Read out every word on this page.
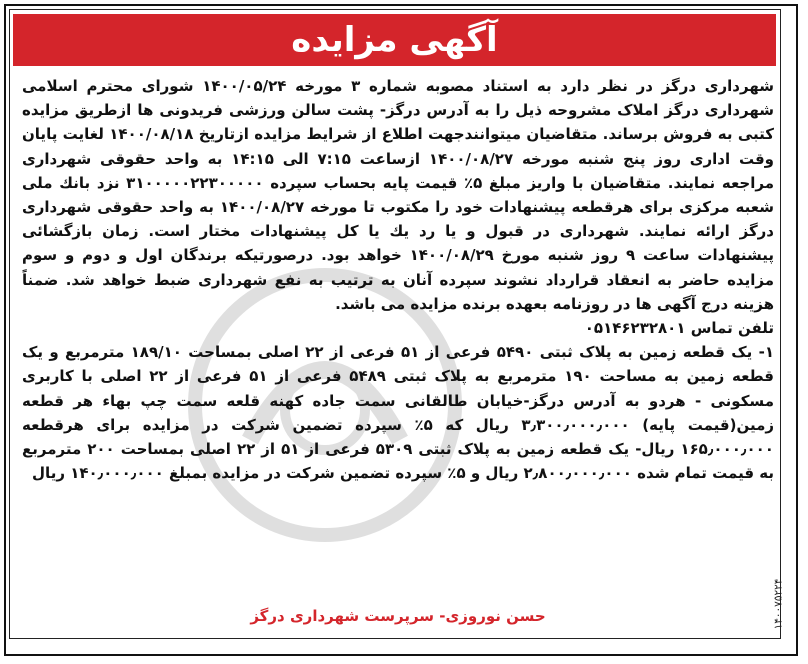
آگهی مزایده

شهرداری درگز در نظر دارد به استناد مصوبه شماره ۳ مورخه ۱۴۰۰/۰۵/۲۴ شورای محترم اسلامی شهرداری درگز املاک مشروحه ذیل را به آدرس درگز- پشت سالن ورزشی فریدونی ها ازطریق مزایده کتبی به فروش برساند. متقاضیان میتوانندجهت اطلاع از شرایط مزایده ازتاریخ ۱۴۰۰/۰۸/۱۸ لغایت پایان وقت اداری روز پنج شنبه مورخه ۱۴۰۰/۰۸/۲۷ ازساعت ۷:۱۵ الی ۱۴:۱۵ به واحد حقوقی شهرداری مراجعه نمایند. متقاضیان با واریز مبلغ ۵٪ قیمت پایه بحساب سپرده ۳۱۰۰۰۰۰۲۲۳۰۰۰۰۰ نزد بانك ملی شعبه مرکزی برای هرقطعه پیشنهادات خود را مکتوب تا مورخه ۱۴۰۰/۰۸/۲۷ به واحد حقوقی شهرداری درگز ارائه نمایند. شهرداری در قبول و یا رد یك یا کل پیشنهادات مختار است. زمان بازگشائی پیشنهادات ساعت ۹ روز شنبه مورخ ۱۴۰۰/۰۸/۲۹ خواهد بود. درصورتیکه برندگان اول و دوم و سوم مزایده حاضر به انعقاد قرارداد نشوند سپرده آنان به ترتیب به نفع شهرداری ضبط خواهد شد. ضمناً هزینه درج آگهی ها در روزنامه بعهده برنده مزایده می باشد.

تلفن تماس ۰۵۱۴۶۲۳۲۸۰۱

۱- یک قطعه زمین به پلاک ثبتی ۵۴۹۰ فرعی از ۵۱ فرعی از ۲۲ اصلی بمساحت ۱۸۹/۱۰ مترمربع و یک قطعه زمین به مساحت ۱۹۰ مترمربع به پلاک ثبتی ۵۴۸۹ فرعی از ۵۱ فرعی از ۲۲ اصلی با کاربری مسکونی - هردو به آدرس درگز-خیابان طالقانی سمت جاده کهنه قلعه سمت چپ بهاء هر قطعه زمین(قیمت پایه) ۳٫۳۰۰٫۰۰۰٫۰۰۰ ریال که ۵٪ سپرده تضمین شرکت در مزایده برای هرقطعه ۱۶۵٫۰۰۰٫۰۰۰ ریال- یک قطعه زمین به پلاک ثبتی ۵۳۰۹ فرعی از ۵۱ از ۲۲ اصلی بمساحت ۲۰۰ مترمربع به قیمت تمام شده ۲٫۸۰۰٫۰۰۰٫۰۰۰ ریال و ۵٪ سپرده تضمین شرکت در مزایده بمبلغ ۱۴۰٫۰۰۰٫۰۰۰ ریال

حسن نوروزی- سرپرست شهرداری درگز	۱۴۰۰۷۵۲۲۴
